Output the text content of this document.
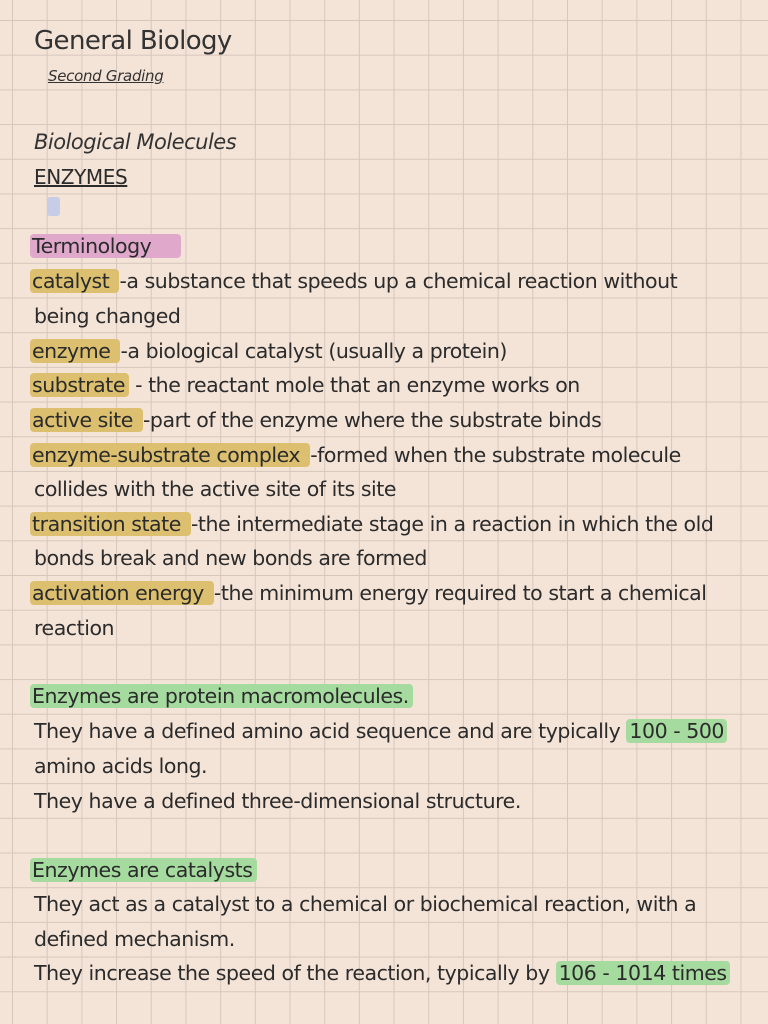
General Biology
Second Grading
Biological Molecules
ENZYMES
Terminology
catalyst -a substance that speeds up a chemical reaction without
being changed
enzyme -a biological catalyst (usually a protein)
substrate - the reactant mole that an enzyme works on
active site -part of the enzyme where the substrate binds
enzyme-substrate complex -formed when the substrate molecule
collides with the active site of its site
transition state -the intermediate stage in a reaction in which the old
bonds break and new bonds are formed
activation energy -the minimum energy required to start a chemical
reaction
Enzymes are protein macromolecules.
They have a defined amino acid sequence and are typically 100 - 500
amino acids long.
They have a defined three-dimensional structure.
Enzymes are catalysts
They act as a catalyst to a chemical or biochemical reaction, with a
defined mechanism.
They increase the speed of the reaction, typically by 106 - 1014 times
